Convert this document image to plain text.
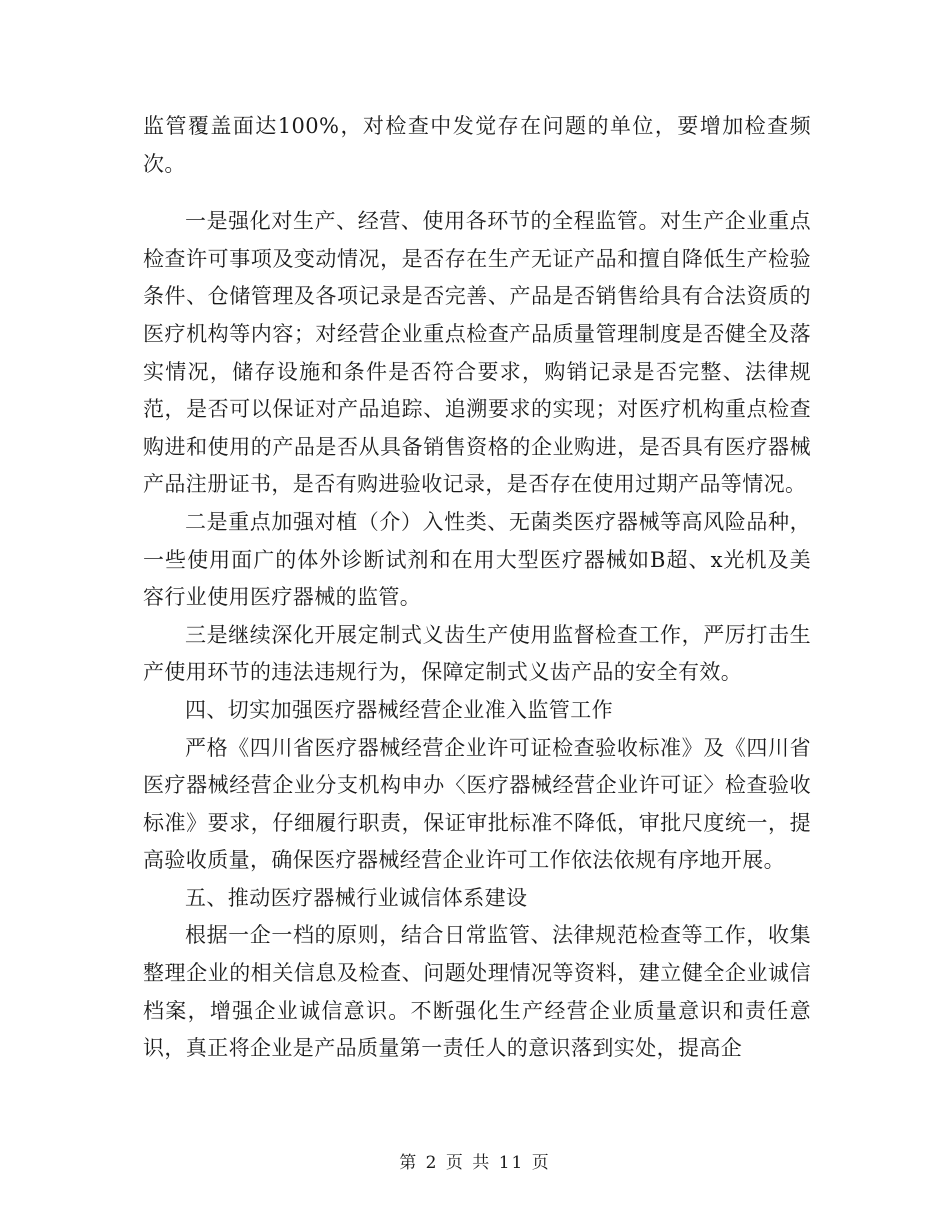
监管覆盖面达100%，对检查中发觉存在问题的单位，要增加检查频次。

一是强化对生产、经营、使用各环节的全程监管。对生产企业重点检查许可事项及变动情况，是否存在生产无证产品和擅自降低生产检验条件、仓储管理及各项记录是否完善、产品是否销售给具有合法资质的医疗机构等内容；对经营企业重点检查产品质量管理制度是否健全及落实情况，储存设施和条件是否符合要求，购销记录是否完整、法律规范，是否可以保证对产品追踪、追溯要求的实现；对医疗机构重点检查购进和使用的产品是否从具备销售资格的企业购进，是否具有医疗器械产品注册证书，是否有购进验收记录，是否存在使用过期产品等情况。

二是重点加强对植（介）入性类、无菌类医疗器械等高风险品种，一些使用面广的体外诊断试剂和在用大型医疗器械如B超、x光机及美容行业使用医疗器械的监管。

三是继续深化开展定制式义齿生产使用监督检查工作，严厉打击生产使用环节的违法违规行为，保障定制式义齿产品的安全有效。

四、切实加强医疗器械经营企业准入监管工作

严格《四川省医疗器械经营企业许可证检查验收标准》及《四川省医疗器械经营企业分支机构申办〈医疗器械经营企业许可证〉检查验收标准》要求，仔细履行职责，保证审批标准不降低，审批尺度统一，提高验收质量，确保医疗器械经营企业许可工作依法依规有序地开展。

五、推动医疗器械行业诚信体系建设

根据一企一档的原则，结合日常监管、法律规范检查等工作，收集整理企业的相关信息及检查、问题处理情况等资料，建立健全企业诚信档案，增强企业诚信意识。不断强化生产经营企业质量意识和责任意识，真正将企业是产品质量第一责任人的意识落到实处，提高企

第 2 页 共 11 页
